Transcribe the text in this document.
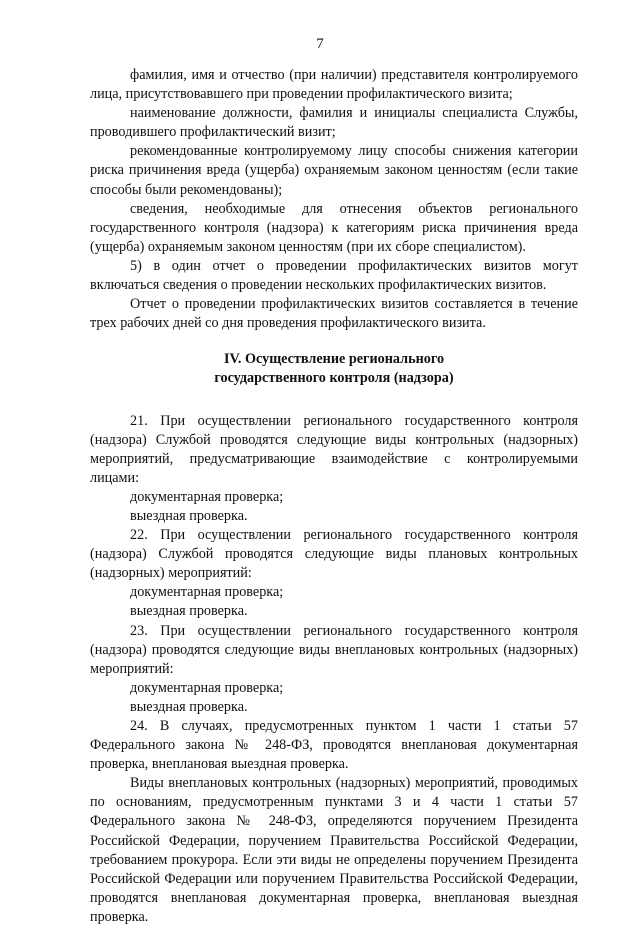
7

фамилия, имя и отчество (при наличии) представителя контролируемого лица, присутствовавшего при проведении профилактического визита;

наименование должности, фамилия и инициалы специалиста Службы, проводившего профилактический визит;

рекомендованные контролируемому лицу способы снижения категории риска причинения вреда (ущерба) охраняемым законом ценностям (если такие способы были рекомендованы);

сведения, необходимые для отнесения объектов регионального государственного контроля (надзора) к категориям риска причинения вреда (ущерба) охраняемым законом ценностям (при их сборе специалистом).

5) в один отчет о проведении профилактических визитов могут включаться сведения о проведении нескольких профилактических визитов.

Отчет о проведении профилактических визитов составляется в течение трех рабочих дней со дня проведения профилактического визита.

IV. Осуществление регионального
государственного контроля (надзора)

21. При осуществлении регионального государственного контроля (надзора) Службой проводятся следующие виды контрольных (надзорных) мероприятий, предусматривающие взаимодействие с контролируемыми лицами:

документарная проверка;

выездная проверка.

22. При осуществлении регионального государственного контроля (надзора) Службой проводятся следующие виды плановых контрольных (надзорных) мероприятий:

документарная проверка;

выездная проверка.

23. При осуществлении регионального государственного контроля (надзора) проводятся следующие виды внеплановых контрольных (надзорных) мероприятий:

документарная проверка;

выездная проверка.

24. В случаях, предусмотренных пунктом 1 части 1 статьи 57 Федерального закона № 248-ФЗ, проводятся внеплановая документарная проверка, внеплановая выездная проверка.

Виды внеплановых контрольных (надзорных) мероприятий, проводимых по основаниям, предусмотренным пунктами 3 и 4 части 1 статьи 57 Федерального закона № 248-ФЗ, определяются поручением Президента Российской Федерации, поручением Правительства Российской Федерации, требованием прокурора. Если эти виды не определены поручением Президента Российской Федерации или поручением Правительства Российской Федерации, проводятся внеплановая документарная проверка, внеплановая выездная проверка.
